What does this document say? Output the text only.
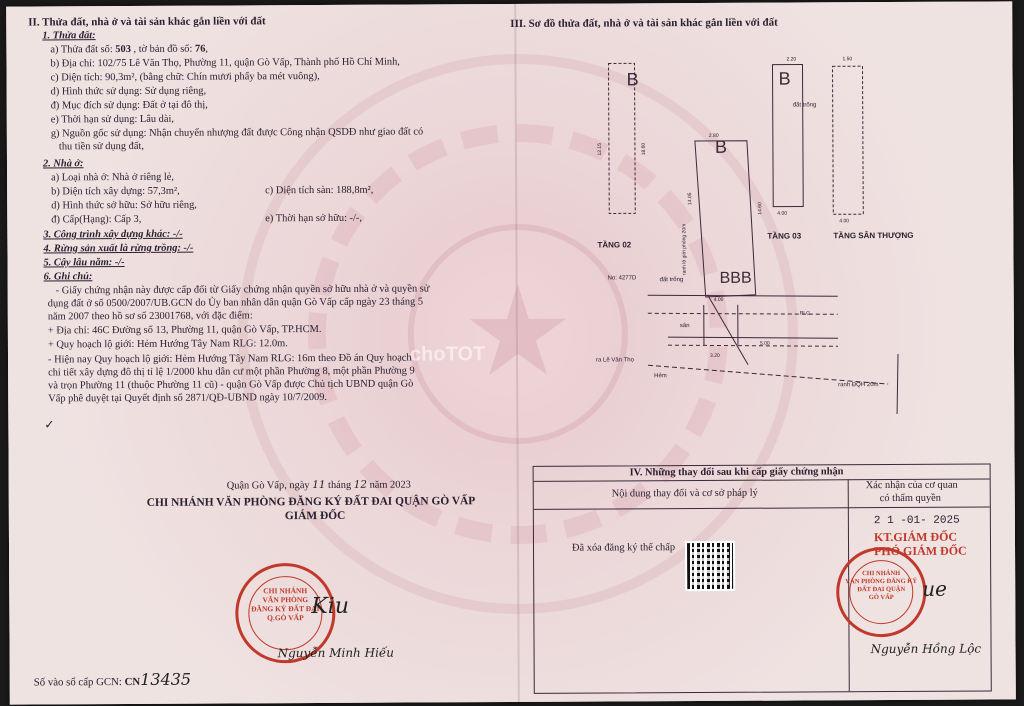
II. Thửa đất, nhà ở và tài sản khác gắn liền với đất
1. Thửa đất:
a) Thửa đất số: 503 , tờ bản đồ số: 76,
b) Địa chỉ: 102/75 Lê Văn Thọ, Phường 11, quận Gò Vấp, Thành phố Hồ Chí Minh,
c) Diện tích: 90,3m², (bằng chữ: Chín mươi phẩy ba mét vuông),
d) Hình thức sử dụng: Sử dụng riêng,
đ) Mục đích sử dụng: Đất ở tại đô thị,
e) Thời hạn sử dụng: Lâu dài,
g) Nguồn gốc sử dụng: Nhận chuyển nhượng đất được Công nhận QSDĐ như giao đất có
thu tiền sử dụng đất,
2. Nhà ở:
a) Loại nhà ở: Nhà ở riêng lẻ,
b) Diện tích xây dựng: 57,3m²,	c) Diện tích sàn: 188,8m²,
d) Hình thức sở hữu: Sở hữu riêng,
đ) Cấp(Hạng): Cấp 3,	e) Thời hạn sở hữu: -/-,
3. Công trình xây dựng khác: -/-
4. Rừng sản xuất là rừng trồng: -/-
5. Cây lâu năm: -/-
6. Ghi chú:
- Giấy chứng nhận này được cấp đổi từ Giấy chứng nhận quyền sở hữu nhà ở và quyền sử
dụng đất ở số 0500/2007/UB.GCN do Ủy ban nhân dân quận Gò Vấp cấp ngày 23 tháng 5
năm 2007 theo hồ sơ số 23001768, với đặc điểm:
+ Địa chỉ: 46C Đường số 13, Phường 11, quận Gò Vấp, TP.HCM.
+ Quy hoạch lộ giới: Hẻm Hướng Tây Nam RLG: 12.0m.
- Hiện nay Quy hoạch lộ giới: Hẻm Hướng Tây Nam RLG: 16m theo Đồ án Quy hoạch
chi tiết xây dựng đô thị tỉ lệ 1/2000 khu dân cư một phần Phường 8, một phần Phường 9
và trọn Phường 11 (thuộc Phường 11 cũ) - quận Gò Vấp được Chủ tịch UBND quận Gò
Vấp phê duyệt tại Quyết định số 2871/QĐ-UBND ngày 10/7/2009.
✓
Quận Gò Vấp, ngày 11 tháng 12 năm 2023
CHI NHÁNH VĂN PHÒNG ĐĂNG KÝ ĐẤT ĐAI QUẬN GÒ VẤP
GIÁM ĐỐC
CHI NHÁNH
VĂN PHÒNG
ĐĂNG KÝ ĐẤT ĐAI
Q.GÒ VẤP Kiu
Nguyễn Minh Hiếu
Số vào sổ cấp GCN: CN13435
III. Sơ đồ thửa đất, nhà ở và tài sản khác gắn liền với đất
B
B
B
BBB
TẦNG 02
TẦNG 03	TẦNG SÂN THƯỢNG
No: 4277D	đất trống
đất trống
sân
ra Lê Văn Thọ
Hẻm
ranh ĐQH 20m
RLG
2.80
4.00
4.00
4.00
3.20
5.00
2.20	1.50
12.15	18.60
14.05
14.60
ranh lộ giới phòng 20m
choTOT
IV. Những thay đổi sau khi cấp giấy chứng nhận
Nội dung thay đổi và cơ sở pháp lý
Đã xóa đăng ký thế chấp
Xác nhận của cơ quan
có thẩm quyền
2 1 -01- 2025
KT.GIÁM ĐỐC
PHÓ GIÁM ĐỐC
CHI NHÁNH
VĂN PHÒNG ĐĂNG KÝ
ĐẤT ĐAI QUẬN
GÒ VẤP	ue
Nguyễn Hồng Lộc
